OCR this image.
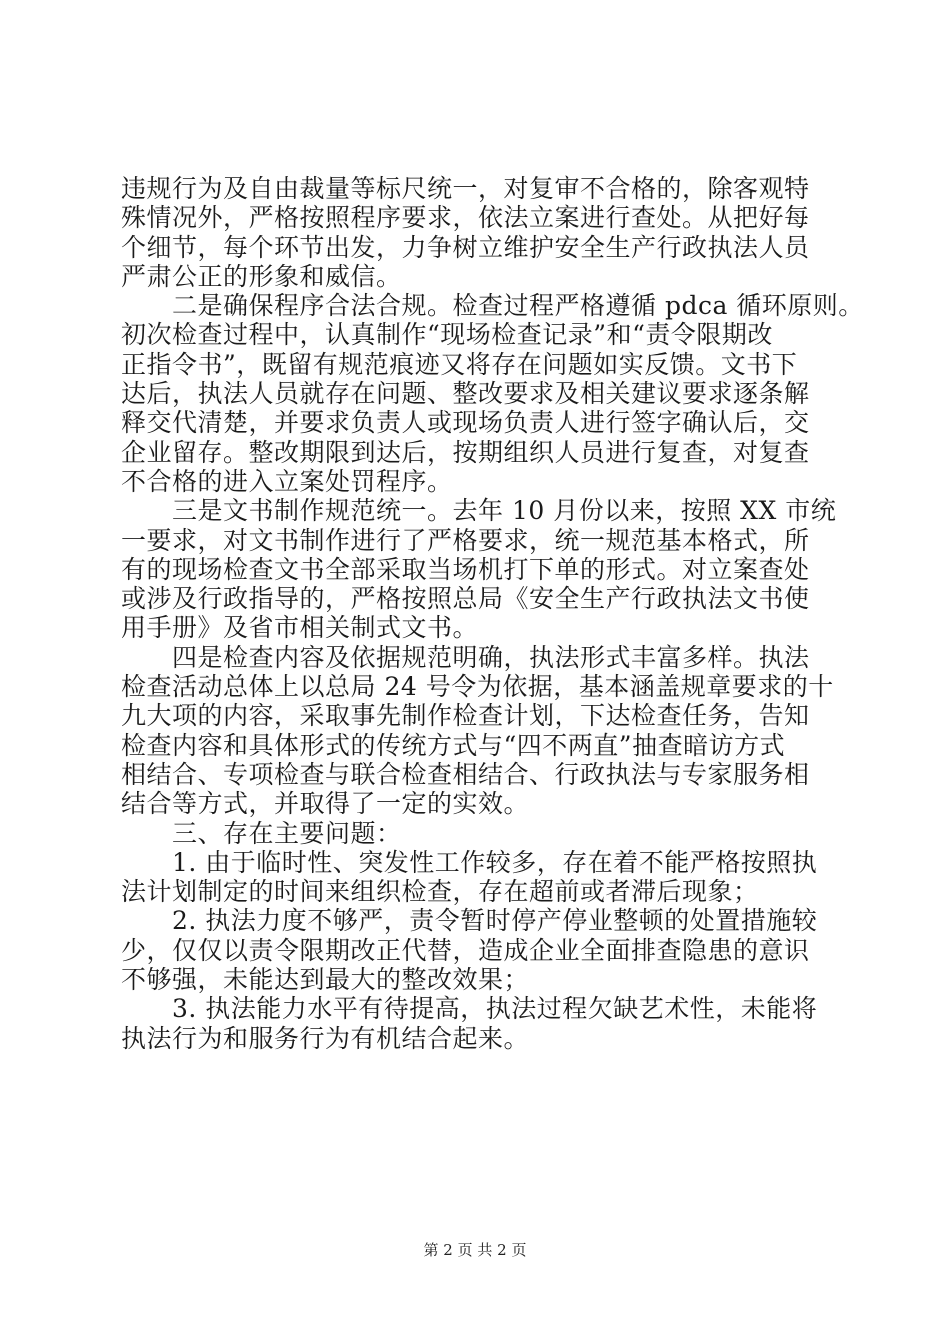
违规行为及自由裁量等标尺统一，对复审不合格的，除客观特
殊情况外，严格按照程序要求，依法立案进行查处。从把好每
个细节，每个环节出发，力争树立维护安全生产行政执法人员
严肃公正的形象和威信。
　　二是确保程序合法合规。检查过程严格遵循 pdca 循环原则。
初次检查过程中，认真制作“现场检查记录”和“责令限期改
正指令书”，既留有规范痕迹又将存在问题如实反馈。文书下
达后，执法人员就存在问题、整改要求及相关建议要求逐条解
释交代清楚，并要求负责人或现场负责人进行签字确认后，交
企业留存。整改期限到达后，按期组织人员进行复查，对复查
不合格的进入立案处罚程序。
　　三是文书制作规范统一。去年 10 月份以来，按照 XX 市统
一要求，对文书制作进行了严格要求，统一规范基本格式，所
有的现场检查文书全部采取当场机打下单的形式。对立案查处
或涉及行政指导的，严格按照总局《安全生产行政执法文书使
用手册》及省市相关制式文书。
　　四是检查内容及依据规范明确，执法形式丰富多样。执法
检查活动总体上以总局 24 号令为依据，基本涵盖规章要求的十
九大项的内容，采取事先制作检查计划，下达检查任务，告知
检查内容和具体形式的传统方式与“四不两直”抽查暗访方式
相结合、专项检查与联合检查相结合、行政执法与专家服务相
结合等方式，并取得了一定的实效。
　　三、存在主要问题：
　　1. 由于临时性、突发性工作较多，存在着不能严格按照执
法计划制定的时间来组织检查，存在超前或者滞后现象；
　　2. 执法力度不够严，责令暂时停产停业整顿的处置措施较
少，仅仅以责令限期改正代替，造成企业全面排查隐患的意识
不够强，未能达到最大的整改效果；
　　3. 执法能力水平有待提高，执法过程欠缺艺术性，未能将
执法行为和服务行为有机结合起来。
第 2 页 共 2 页
